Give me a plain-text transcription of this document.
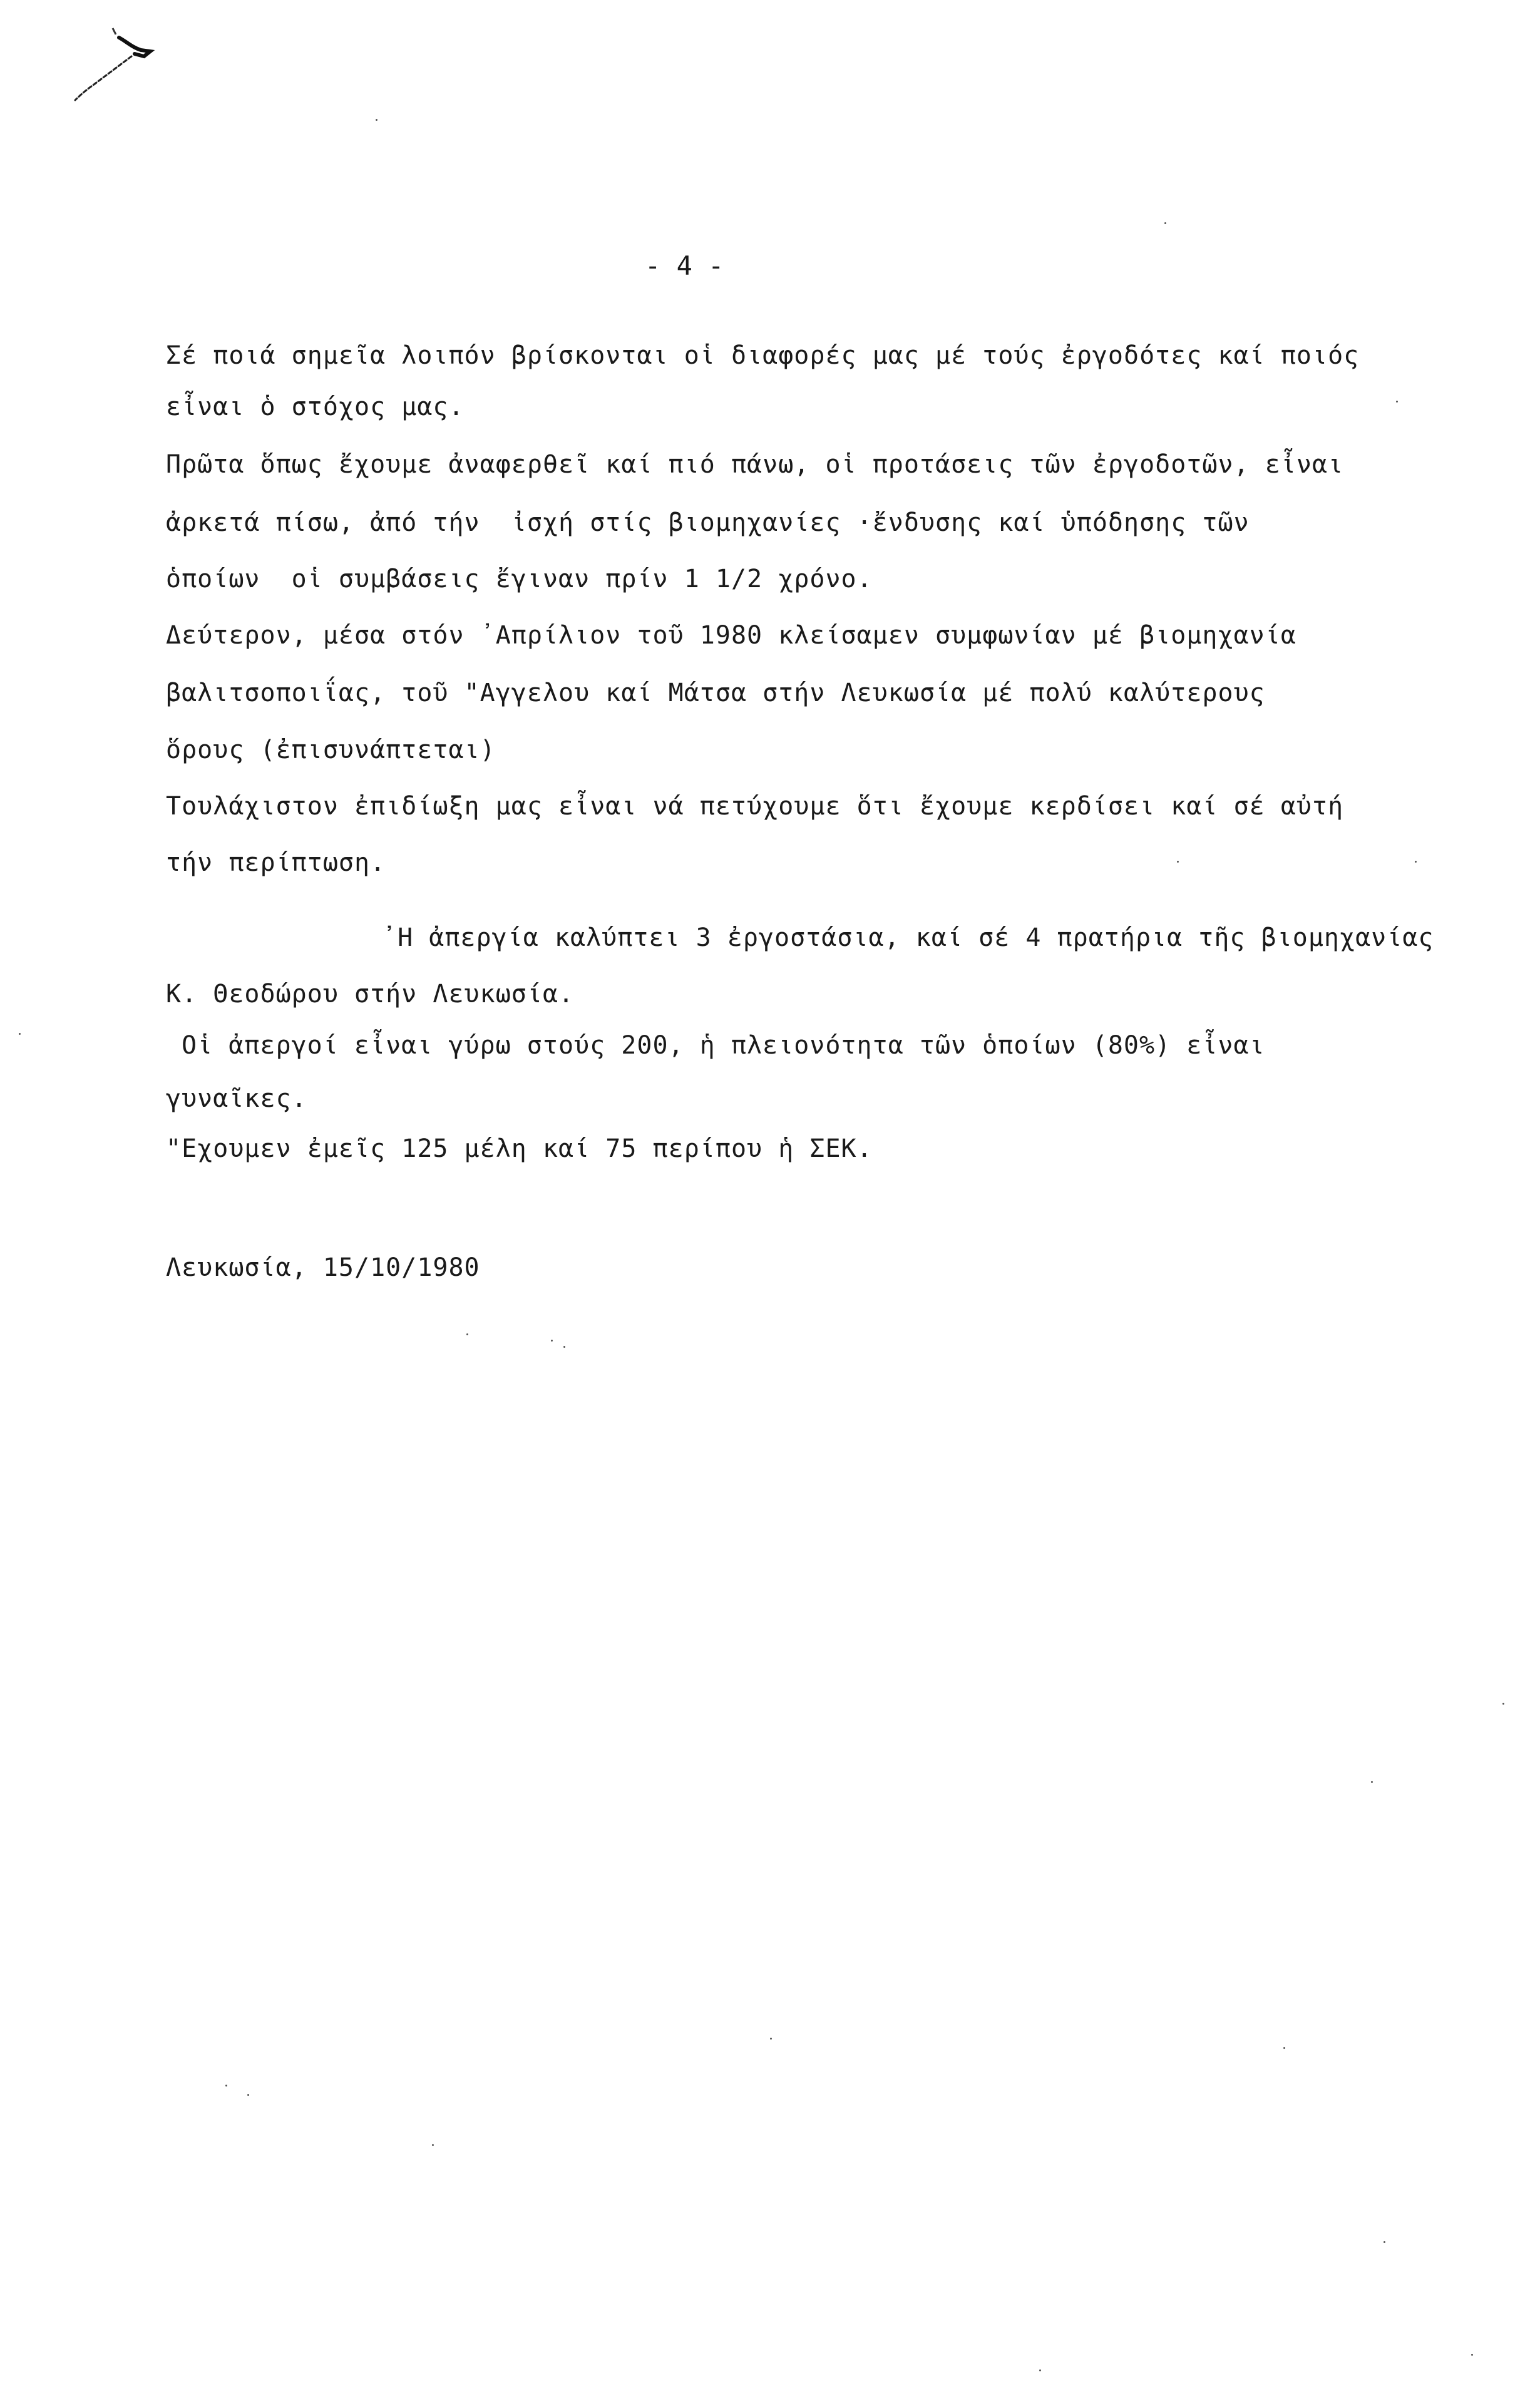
- 4 -
Σέ ποιά σημεῖα λοιπόν βρίσκονται οἱ διαφορές μας μέ τούς ἐργοδότες καί ποιός
εἶναι ὁ στόχος μας.
Πρῶτα ὅπως ἔχουμε ἀναφερθεῖ καί πιό πάνω, οἱ προτάσεις τῶν ἐργοδοτῶν, εἶναι
ἀρκετά πίσω, ἀπό τήν  ἰσχή στίς βιομηχανίες ·ἔνδυσης καί ὑπόδησης τῶν
ὁποίων  οἱ συμβάσεις ἔγιναν πρίν 1 1/2 χρόνο.
Δεύτερον, μέσα στόν ᾿Απρίλιον τοῦ 1980 κλείσαμεν συμφωνίαν μέ βιομηχανία
βαλιτσοποιΐας, τοῦ "Αγγελου καί Μάτσα στήν Λευκωσία μέ πολύ καλύτερους
ὅρους (ἐπισυνάπτεται)
Τουλάχιστον ἐπιδίωξη μας εἶναι νά πετύχουμε ὅτι ἔχουμε κερδίσει καί σέ αὐτή
τήν περίπτωση.
᾿Η ἀπεργία καλύπτει 3 ἐργοστάσια, καί σέ 4 πρατήρια τῆς βιομηχανίας
Κ. Θεοδώρου στήν Λευκωσία.
Οἱ ἀπεργοί εἶναι γύρω στούς 200, ἡ πλειονότητα τῶν ὁποίων (80%) εἶναι
γυναῖκες.
"Εχουμεν ἐμεῖς 125 μέλη καί 75 περίπου ἡ ΣΕΚ.
Λευκωσία, 15/10/1980
